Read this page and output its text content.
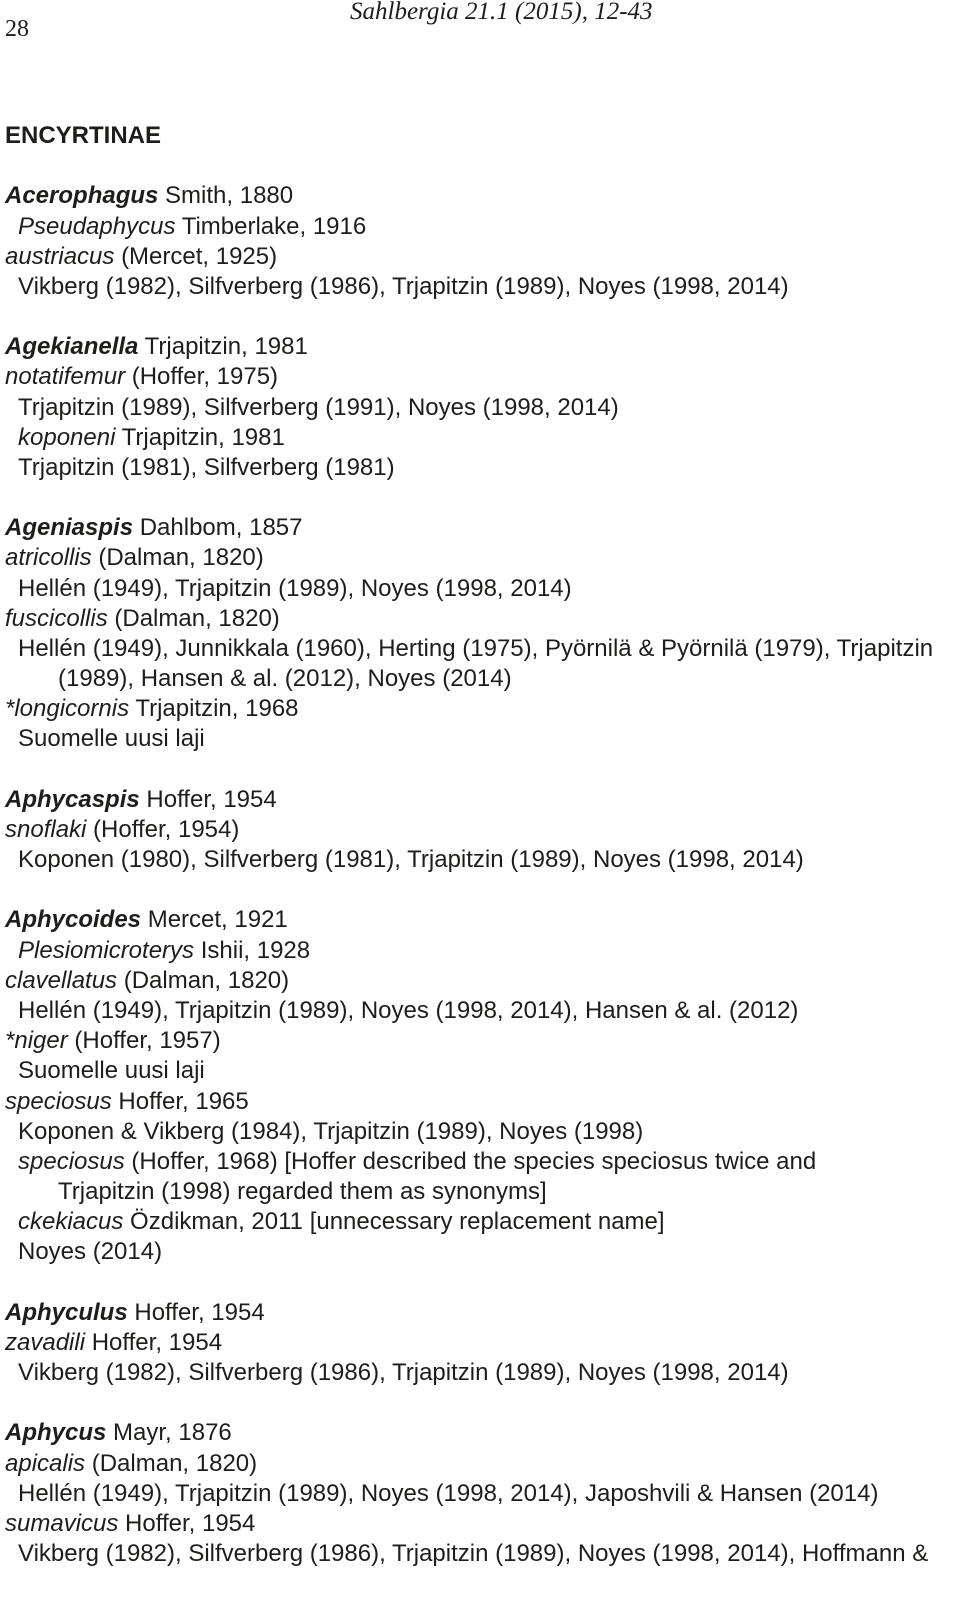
28
Sahlbergia 21.1 (2015), 12-43
ENCYRTINAE
Acerophagus Smith, 1880
Pseudaphycus Timberlake, 1916
austriacus (Mercet, 1925)
Vikberg (1982), Silfverberg (1986), Trjapitzin (1989), Noyes (1998, 2014)
Agekianella Trjapitzin, 1981
notatifemur (Hoffer, 1975)
Trjapitzin (1989), Silfverberg (1991), Noyes (1998, 2014)
koponeni Trjapitzin, 1981
Trjapitzin (1981), Silfverberg (1981)
Ageniaspis Dahlbom, 1857
atricollis (Dalman, 1820)
Hellén (1949), Trjapitzin (1989), Noyes (1998, 2014)
fuscicollis (Dalman, 1820)
Hellén (1949), Junnikkala (1960), Herting (1975), Pyörnilä & Pyörnilä (1979), Trjapitzin
(1989), Hansen & al. (2012), Noyes (2014)
*longicornis Trjapitzin, 1968
Suomelle uusi laji
Aphycaspis Hoffer, 1954
snoflaki (Hoffer, 1954)
Koponen (1980), Silfverberg (1981), Trjapitzin (1989), Noyes (1998, 2014)
Aphycoides Mercet, 1921
Plesiomicroterys Ishii, 1928
clavellatus (Dalman, 1820)
Hellén (1949), Trjapitzin (1989), Noyes (1998, 2014), Hansen & al. (2012)
*niger (Hoffer, 1957)
Suomelle uusi laji
speciosus Hoffer, 1965
Koponen & Vikberg (1984), Trjapitzin (1989), Noyes (1998)
speciosus (Hoffer, 1968) [Hoffer described the species speciosus twice and
Trjapitzin (1998) regarded them as synonyms]
ckekiacus Özdikman, 2011 [unnecessary replacement name]
Noyes (2014)
Aphyculus Hoffer, 1954
zavadili Hoffer, 1954
Vikberg (1982), Silfverberg (1986), Trjapitzin (1989), Noyes (1998, 2014)
Aphycus Mayr, 1876
apicalis (Dalman, 1820)
Hellén (1949), Trjapitzin (1989), Noyes (1998, 2014), Japoshvili & Hansen (2014)
sumavicus Hoffer, 1954
Vikberg (1982), Silfverberg (1986), Trjapitzin (1989), Noyes (1998, 2014), Hoffmann &
